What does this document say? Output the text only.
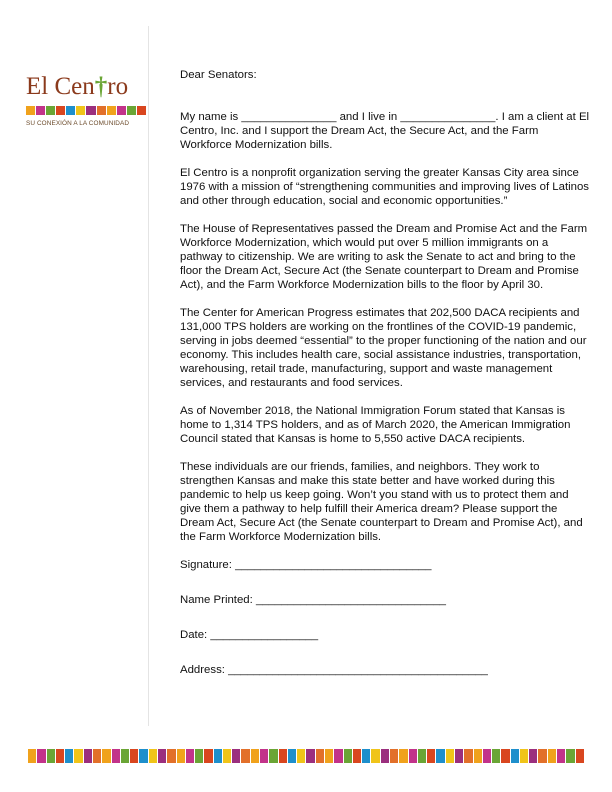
El Cen†ro
SU CONEXIÓN A LA COMUNIDAD

Dear Senators:

My name is _______________ and I live in _______________. I am a client at El Centro, Inc. and I support the Dream Act, the Secure Act, and the Farm Workforce Modernization bills.

El Centro is a nonprofit organization serving the greater Kansas City area since 1976 with a mission of “strengthening communities and improving lives of Latinos and other through education, social and economic opportunities.”

The House of Representatives passed the Dream and Promise Act and the Farm Workforce Modernization, which would put over 5 million immigrants on a pathway to citizenship. We are writing to ask the Senate to act and bring to the floor the Dream Act, Secure Act (the Senate counterpart to Dream and Promise Act), and the Farm Workforce Modernization bills to the floor by April 30.

The Center for American Progress estimates that 202,500 DACA recipients and 131,000 TPS holders are working on the frontlines of the COVID-19 pandemic, serving in jobs deemed “essential” to the proper functioning of the nation and our economy. This includes health care, social assistance industries, transportation, warehousing, retail trade, manufacturing, support and waste management services, and restaurants and food services.

As of November 2018, the National Immigration Forum stated that Kansas is home to 1,314 TPS holders, and as of March 2020, the American Immigration Council stated that Kansas is home to 5,550 active DACA recipients.

These individuals are our friends, families, and neighbors. They work to strengthen Kansas and make this state better and have worked during this pandemic to help us keep going. Won’t you stand with us to protect them and give them a pathway to help fulfill their America dream? Please support the Dream Act, Secure Act (the Senate counterpart to Dream and Promise Act), and the Farm Workforce Modernization bills.

Signature: _______________________________
Name Printed: ______________________________
Date: _________________
Address: _________________________________________
